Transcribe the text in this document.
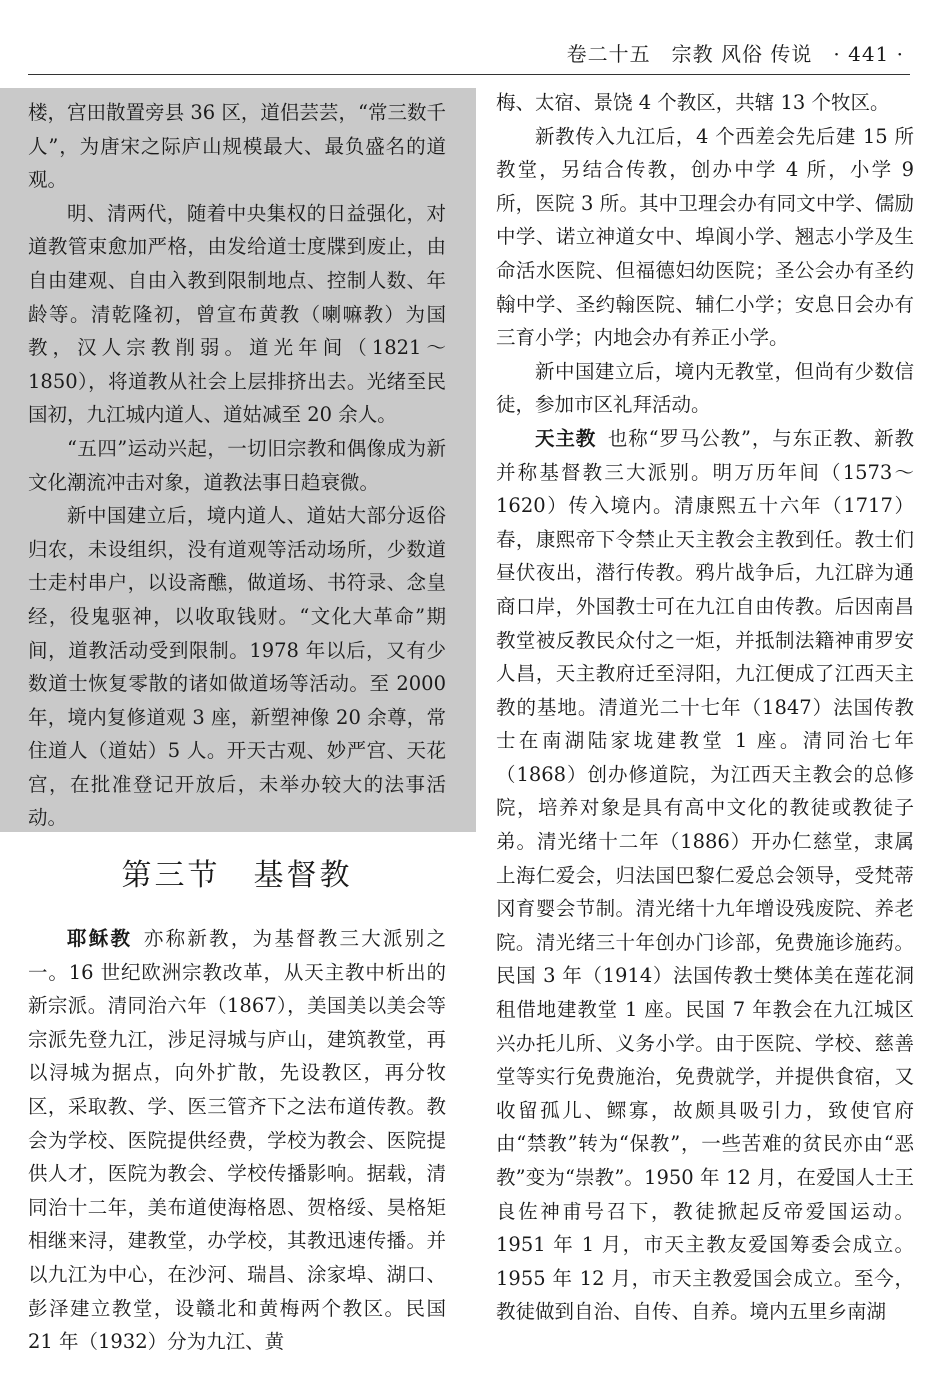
卷二十五　宗教 风俗 传说　· 441 ·

楼，宫田散置旁县 36 区，道侣芸芸，“常三数千人”，为唐宋之际庐山规模最大、最负盛名的道观。

明、清两代，随着中央集权的日益强化，对道教管束愈加严格，由发给道士度牒到废止，由自由建观、自由入教到限制地点、控制人数、年龄等。清乾隆初，曾宣布黄教（喇嘛教）为国教，汉人宗教削弱。道光年间（1821～1850），将道教从社会上层排挤出去。光绪至民国初，九江城内道人、道姑减至 20 余人。

“五四”运动兴起，一切旧宗教和偶像成为新文化潮流冲击对象，道教法事日趋衰微。

新中国建立后，境内道人、道姑大部分返俗归农，未设组织，没有道观等活动场所，少数道士走村串户，以设斋醮，做道场、书符录、念皇经，役鬼驱神，以收取钱财。“文化大革命”期间，道教活动受到限制。1978 年以后，又有少数道士恢复零散的诸如做道场等活动。至 2000 年，境内复修道观 3 座，新塑神像 20 余尊，常住道人（道姑）5 人。开天古观、妙严宫、天花宫，在批准登记开放后，未举办较大的法事活动。

第三节　基督教

耶稣教 亦称新教，为基督教三大派别之一。16 世纪欧洲宗教改革，从天主教中析出的新宗派。清同治六年（1867），美国美以美会等宗派先登九江，涉足浔城与庐山，建筑教堂，再以浔城为据点，向外扩散，先设教区，再分牧区，采取教、学、医三管齐下之法布道传教。教会为学校、医院提供经费，学校为教会、医院提供人才，医院为教会、学校传播影响。据载，清同治十二年，美布道使海格恩、贺格绥、昊格矩相继来浔，建教堂，办学校，其教迅速传播。并以九江为中心，在沙河、瑞昌、涂家埠、湖口、彭泽建立教堂，设赣北和黄梅两个教区。民国 21 年（1932）分为九江、黄

梅、太宿、景饶 4 个教区，共辖 13 个牧区。

新教传入九江后，4 个西差会先后建 15 所教堂，另结合传教，创办中学 4 所，小学 9 所，医院 3 所。其中卫理会办有同文中学、儒励中学、诺立神道女中、埠阆小学、翘志小学及生命活水医院、但福德妇幼医院；圣公会办有圣约翰中学、圣约翰医院、辅仁小学；安息日会办有三育小学；内地会办有养正小学。

新中国建立后，境内无教堂，但尚有少数信徒，参加市区礼拜活动。

天主教 也称“罗马公教”，与东正教、新教并称基督教三大派别。明万历年间（1573～1620）传入境内。清康熙五十六年（1717）春，康熙帝下令禁止天主教会主教到任。教士们昼伏夜出，潜行传教。鸦片战争后，九江辟为通商口岸，外国教士可在九江自由传教。后因南昌教堂被反教民众付之一炬，并抵制法籍神甫罗安人昌，天主教府迁至浔阳，九江便成了江西天主教的基地。清道光二十七年（1847）法国传教士在南湖陆家垅建教堂 1 座。清同治七年（1868）创办修道院，为江西天主教会的总修院，培养对象是具有高中文化的教徒或教徒子弟。清光绪十二年（1886）开办仁慈堂，隶属上海仁爱会，归法国巴黎仁爱总会领导，受梵蒂冈育婴会节制。清光绪十九年增设残废院、养老院。清光绪三十年创办门诊部，免费施诊施药。民国 3 年（1914）法国传教士樊体美在莲花洞租借地建教堂 1 座。民国 7 年教会在九江城区兴办托儿所、义务小学。由于医院、学校、慈善堂等实行免费施治，免费就学，并提供食宿，又收留孤儿、鳏寡，故颇具吸引力，致使官府由“禁教”转为“保教”，一些苦难的贫民亦由“恶教”变为“崇教”。1950 年 12 月，在爱国人士王良佐神甫号召下，教徒掀起反帝爱国运动。1951 年 1 月，市天主教友爱国筹委会成立。1955 年 12 月，市天主教爱国会成立。至今，教徒做到自治、自传、自养。境内五里乡南湖
